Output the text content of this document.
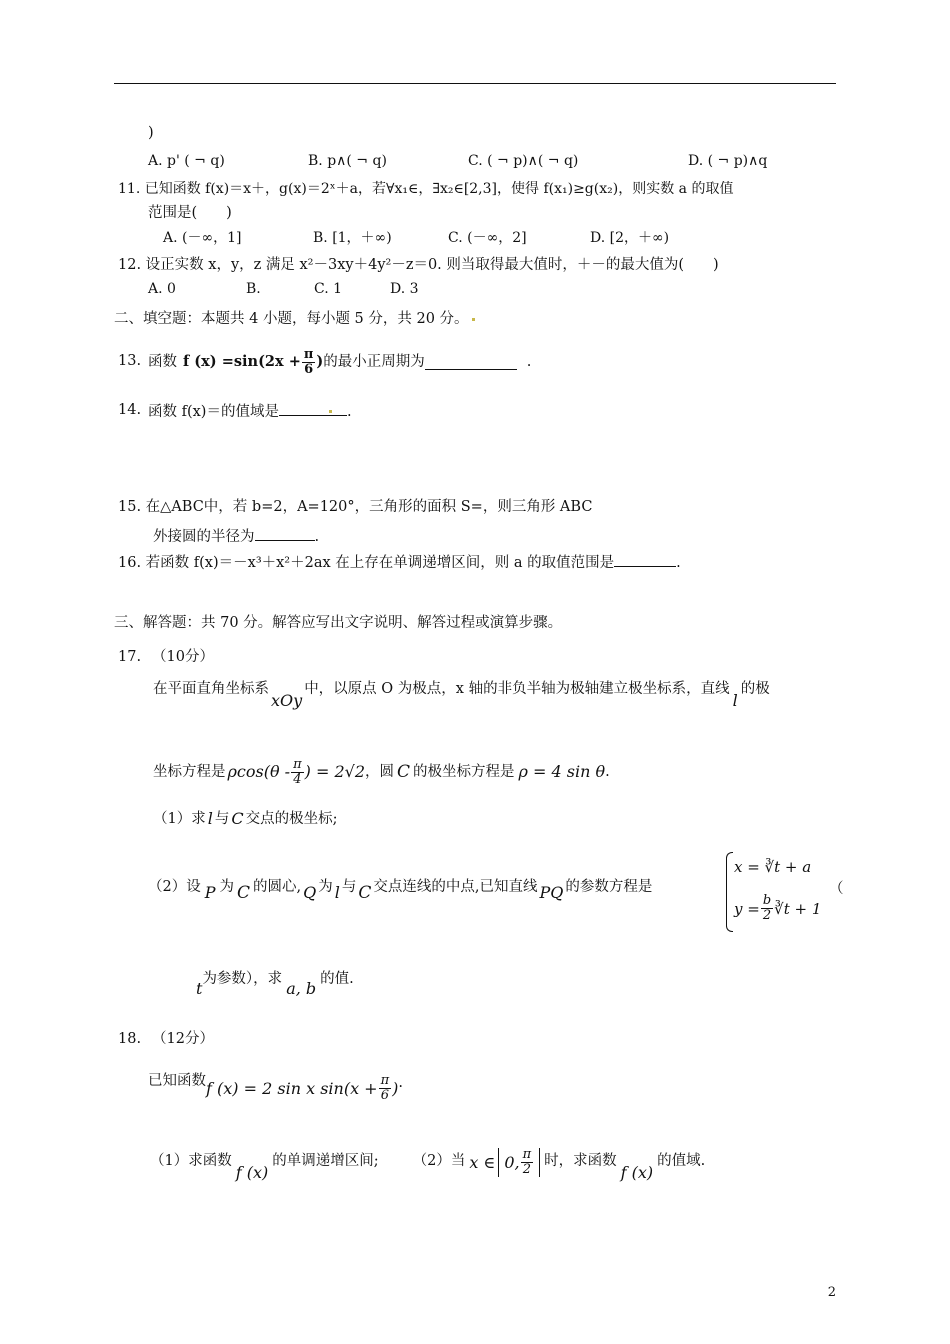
)
A. p' ( ¬ q)	B. p∧( ¬ q)	C. ( ¬ p)∧( ¬ q)	D. ( ¬ p)∧q
11. 已知函数 f(x)＝x＋，g(x)＝2ˣ＋a，若∀x₁∈，∃x₂∈[2,3]，使得 f(x₁)≥g(x₂)，则实数 a 的取值
范围是(　　)
A. (－∞，1]	B. [1，＋∞)	C. (－∞，2]	D. [2，＋∞)
12. 设正实数 x，y，z 满足 x²－3xy＋4y²－z＝0. 则当取得最大值时，＋－的最大值为(　　)
A. 0	B.	C. 1	D. 3
二、填空题：本题共 4 小题，每小题 5 分，共 20 分。
13. 函数 f $(x) =\sin(2x + \frac{\pi}{6}$ ) 的最小正周期为	.
14. 函数 f(x)＝的值域是	.
15. 在△ABC中，若 b=2，A=120°，三角形的面积 S=，则三角形 ABC
外接圆的半径为	.
16. 若函数 f(x)＝－x³＋x²＋2ax 在上存在单调递增区间，则 a 的取值范围是	.
三、解答题：共 70 分。解答应写出文字说明、解答过程或演算步骤。
17. （10分）
在平面直角坐标系xOy中，以原点 O 为极点，x 轴的非负半轴为极轴建立极坐标系，直线l的极
坐标方程是 $\rho\cos(\theta - \frac{\pi}{4}$ ) = 2√2 ，圆 C 的极坐标方程是 ρ = 4 sin θ .
（1）求 l 与 C 交点的极坐标;
（2）设 P 为 C 的圆心, Q 为 l 与 C 交点连线的中点,已知直线 PQ 的参数方程是
x = ∛t + a
$y = \frac{b}{2}$ ∛t + 1
（
t为参数），求 a, b 的值.
18. （12分）
已知函数 f (x) = 2 sin x $\sin(x + \frac{\pi}{6}$ ) .
（1）求函数
f (x)
的单调递增区间; （2）当 x ∈ 0, $\frac{\pi}{2}$ 时，求函数
f (x)
的值域.
2
